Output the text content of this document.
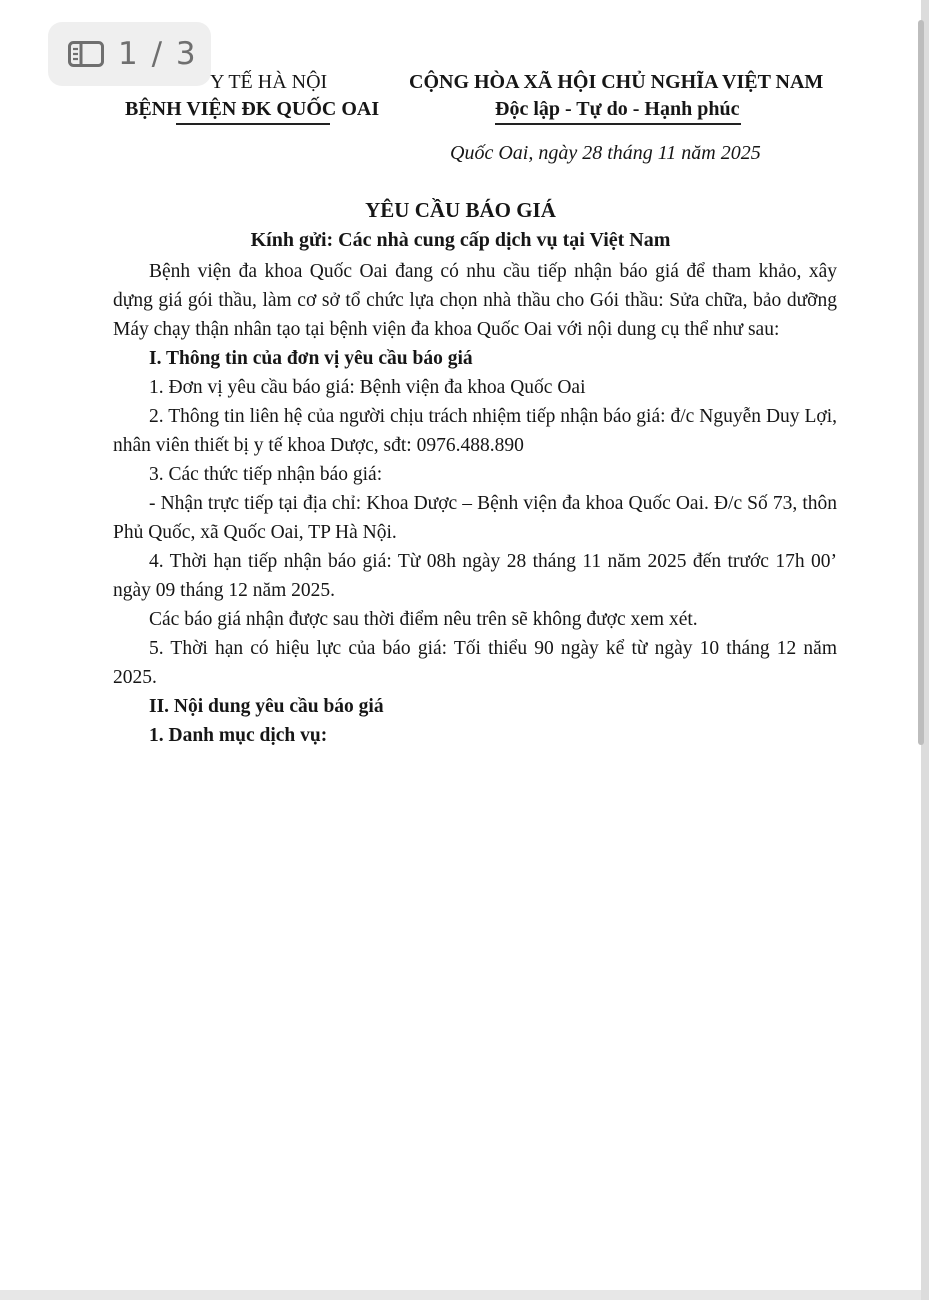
Y TẾ HÀ NỘI
BỆNH VIỆN ĐK QUỐC OAI
CỘNG HÒA XÃ HỘI CHỦ NGHĨA VIỆT NAM
Độc lập - Tự do - Hạnh phúc
Quốc Oai, ngày 28 tháng 11 năm 2025
YÊU CẦU BÁO GIÁ
Kính gửi: Các nhà cung cấp dịch vụ tại Việt Nam

Bệnh viện đa khoa Quốc Oai đang có nhu cầu tiếp nhận báo giá để tham khảo, xây dựng giá gói thầu, làm cơ sở tổ chức lựa chọn nhà thầu cho Gói thầu: Sửa chữa, bảo dưỡng Máy chạy thận nhân tạo tại bệnh viện đa khoa Quốc Oai với nội dung cụ thể như sau:

I. Thông tin của đơn vị yêu cầu báo giá

1. Đơn vị yêu cầu báo giá: Bệnh viện đa khoa Quốc Oai

2. Thông tin liên hệ của người chịu trách nhiệm tiếp nhận báo giá: đ/c Nguyễn Duy Lợi, nhân viên thiết bị y tế khoa Dược, sđt: 0976.488.890

3. Các thức tiếp nhận báo giá:

- Nhận trực tiếp tại địa chỉ: Khoa Dược – Bệnh viện đa khoa Quốc Oai. Đ/c Số 73, thôn Phủ Quốc, xã Quốc Oai, TP Hà Nội.

4. Thời hạn tiếp nhận báo giá: Từ 08h ngày 28 tháng 11 năm 2025 đến trước 17h 00’ ngày 09 tháng 12 năm 2025.

Các báo giá nhận được sau thời điểm nêu trên sẽ không được xem xét.

5. Thời hạn có hiệu lực của báo giá: Tối thiểu 90 ngày kể từ ngày 10 tháng 12 năm 2025.

II. Nội dung yêu cầu báo giá

1. Danh mục dịch vụ:

1 / 3
